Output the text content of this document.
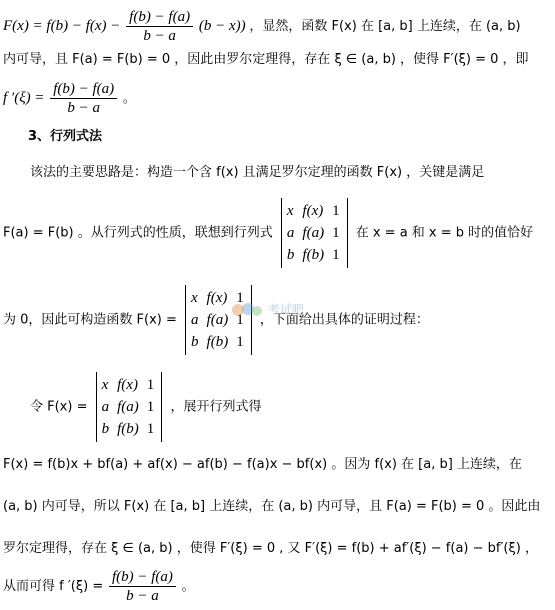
$F(x) = f(b) - f(x) - \frac{f(b) - f(a)}{b - a} (b - x)$) ，显然，函数 F(x) 在 [a, b] 上连续，在 (a, b)
内可导，且 F(a) = F(b) = 0 ，因此由罗尔定理得，存在 ξ ∈ (a, b) ，使得 F′(ξ) = 0 ，即
f $'(\xi) = \frac{f(b) - f(a)}{b - a}$ 。
3、行列式法
该法的主要思路是：构造一个含 f(x) 且满足罗尔定理的函数 F(x) ，关键是满足
F(a) = F(b) 。从行列式的性质，联想到行列式
x	f(x)	1
a	f(a)	1
b	f(b)	1
在 x = a 和 x = b 时的值恰好
为 0，因此可构造函数 F(x) =
x	f(x)	1
a	f(a)	1
b	f(b)	1
，下面给出具体的证明过程：
考试吧
令 F(x) =
x	f(x)	1
a	f(a)	1
b	f(b)	1
，展开行列式得
F(x) = f(b)x + bf(a) + af(x) − af(b) − f(a)x − bf(x) 。因为 f(x) 在 [a, b] 上连续，在
(a, b) 内可导，所以 F(x) 在 [a, b] 上连续，在 (a, b) 内可导，且 F(a) = F(b) = 0 。因此由
罗尔定理得，存在 ξ ∈ (a, b) ，使得 F′(ξ) = 0 , 又 F′(ξ) = f(b) + af′(ξ) − f(a) − bf′(ξ) ，
从而可得 f $'(\xi) = \frac{f(b) - f(a)}{b - a}$ 。
